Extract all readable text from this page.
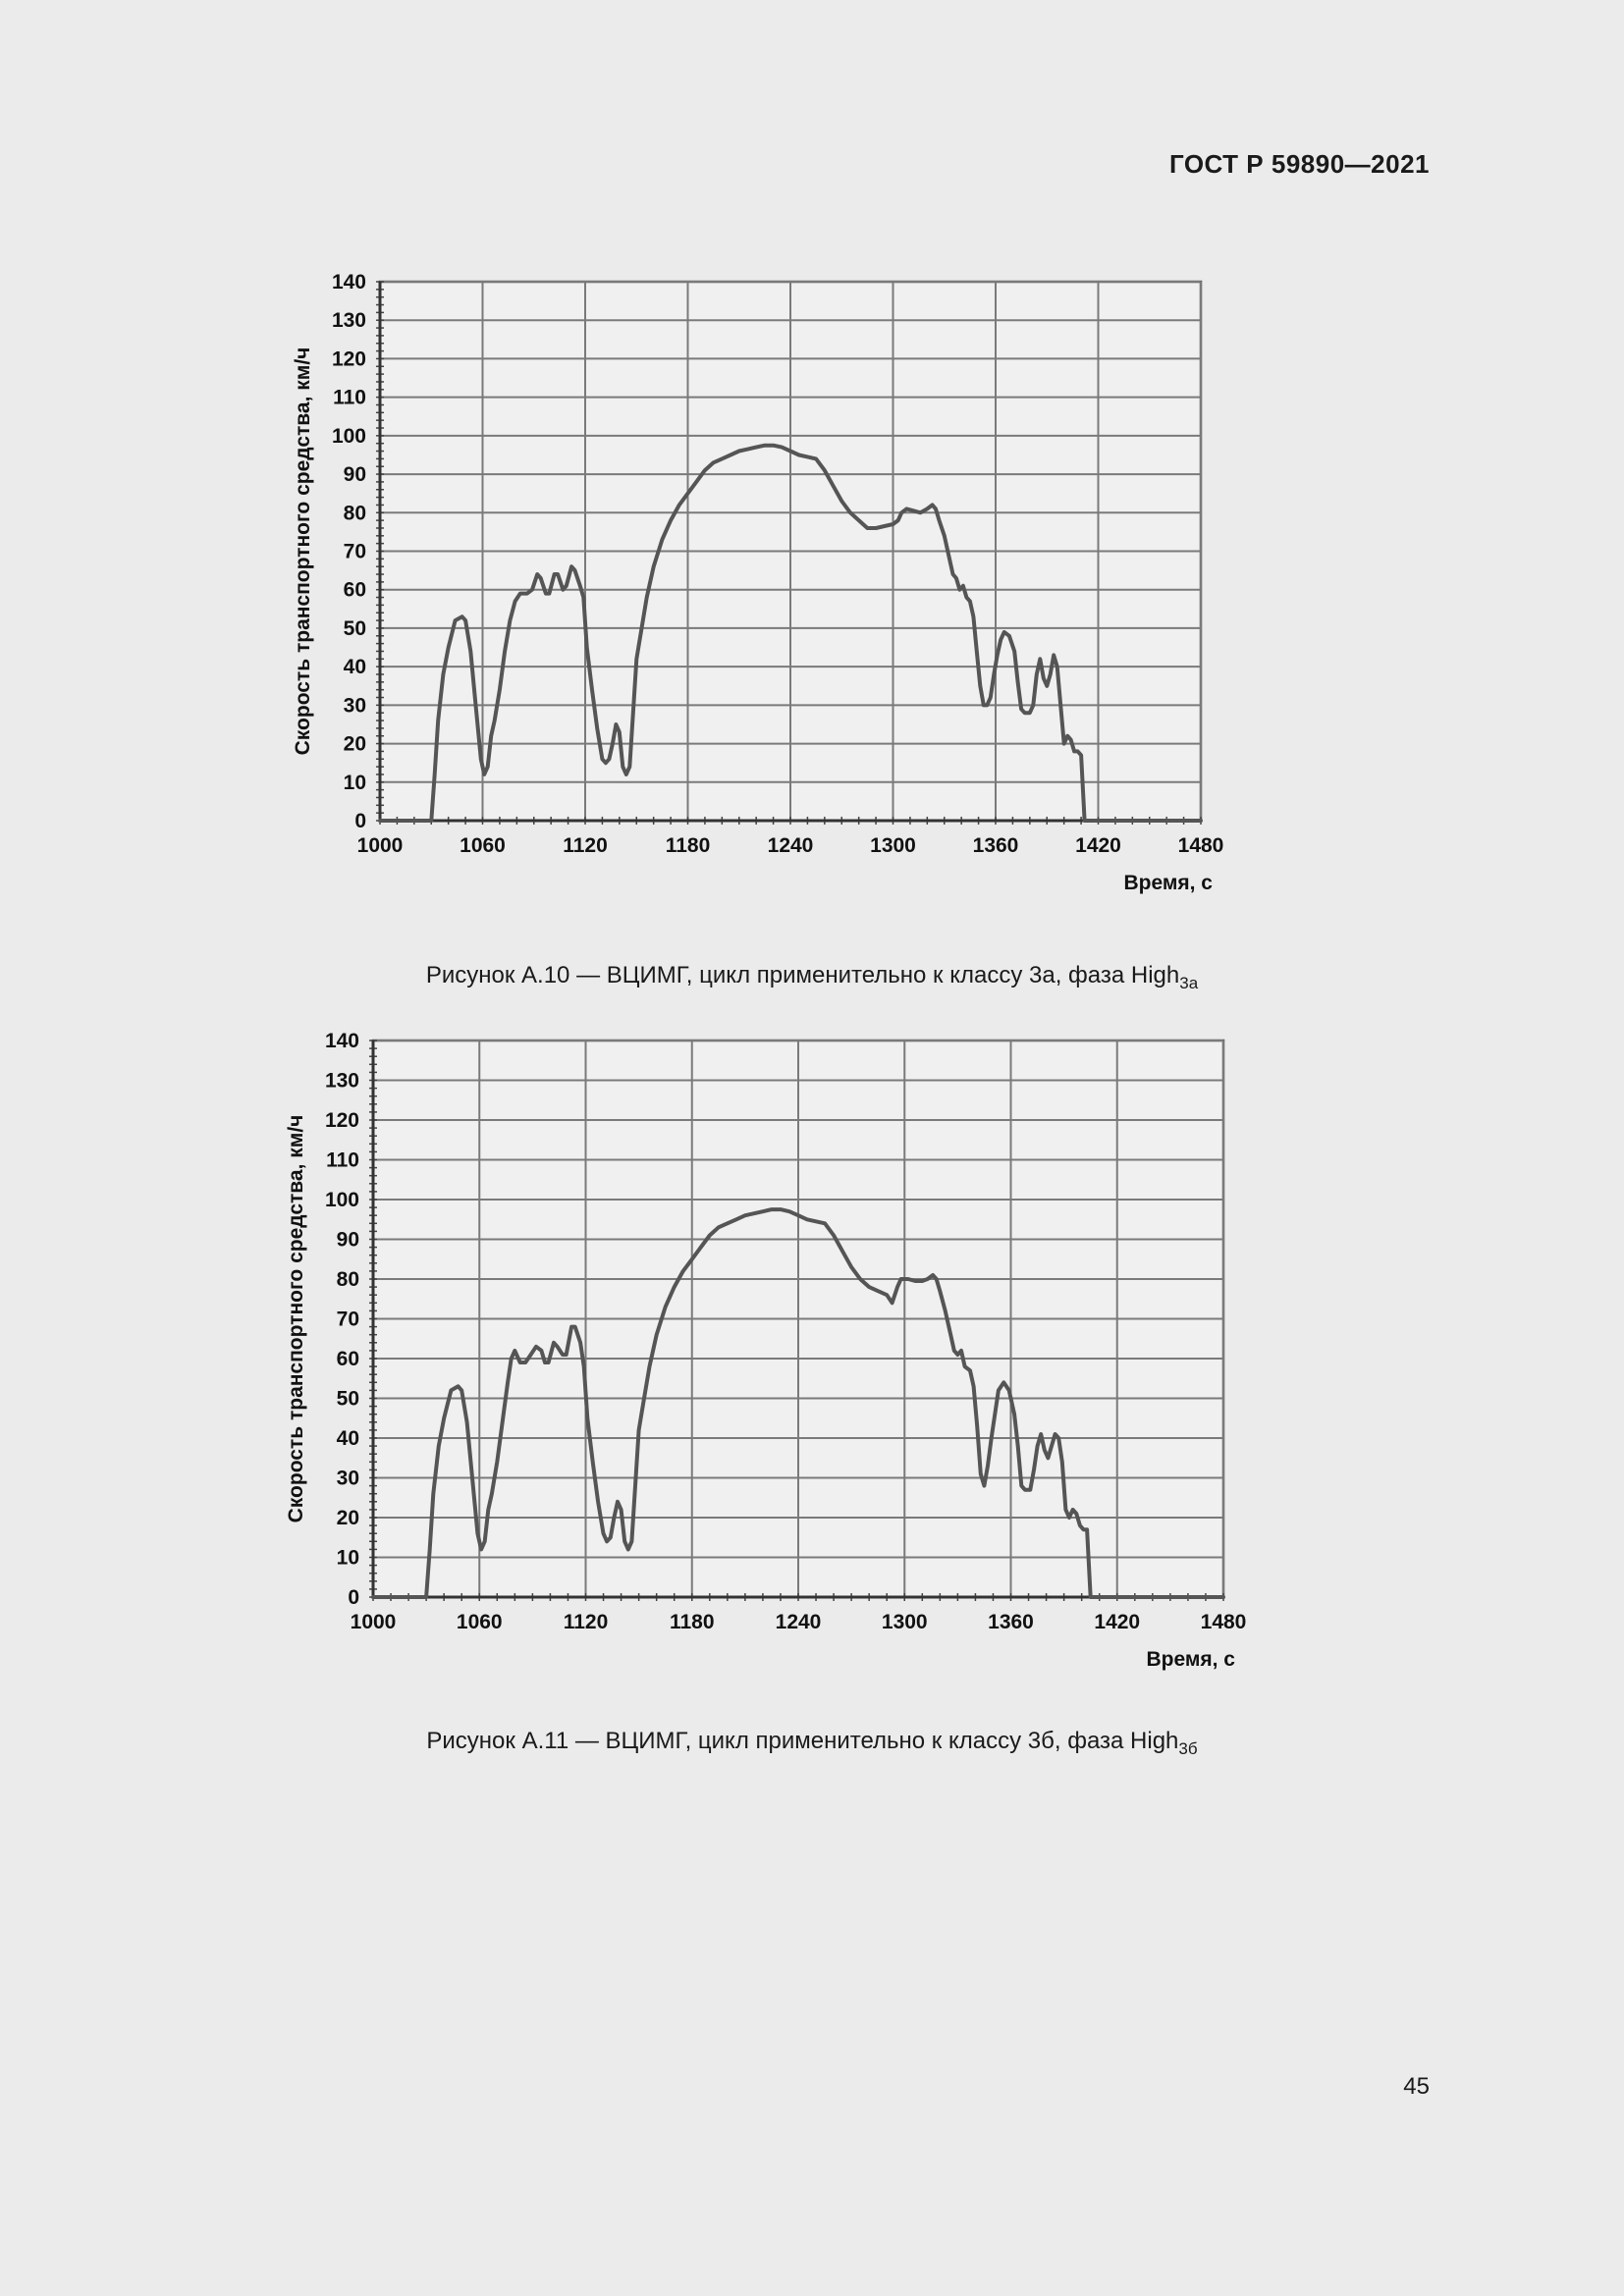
ГОСТ Р 59890—2021
0
10
20
30
40
50
60
70
80
90
100
110
120
130
140
1000	1060	1120	1180	1240	1300	1360	1420	1480
Время, с
Скорость транспортного средства, км/ч
Рисунок А.10 — ВЦИМГ, цикл применительно к классу 3а, фаза High$_{3а}$
0
10
20
30
40
50
60
70
80
90
100
110
120
130
140
1000	1060	1120	1180	1240	1300	1360	1420	1480
Время, с
Скорость транспортного средства, км/ч
Рисунок А.11 — ВЦИМГ, цикл применительно к классу 3б, фаза High$_{3б}$
45
